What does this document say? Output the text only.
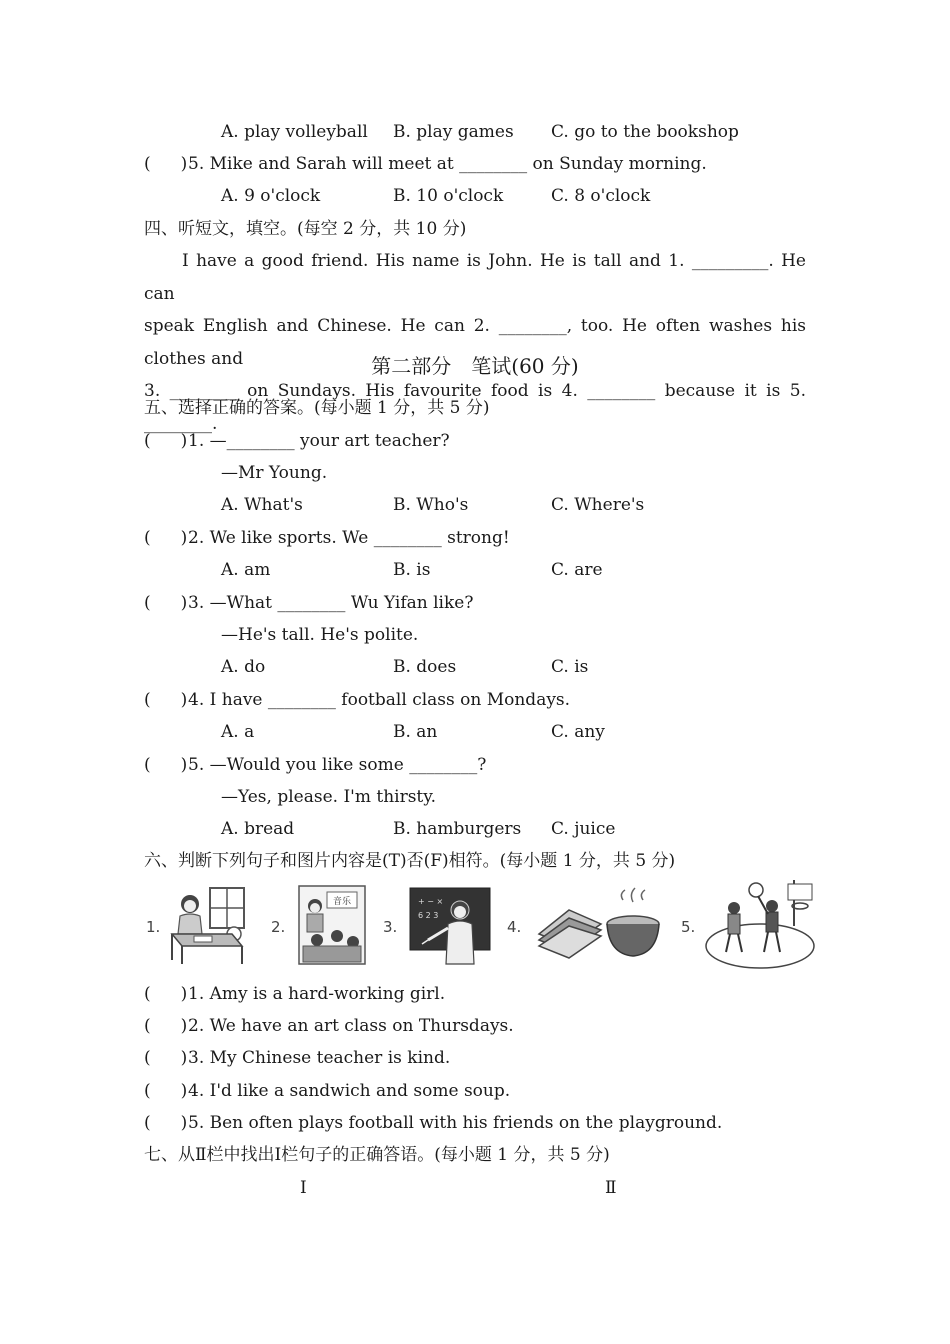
A. play volleyball B. play games C. go to the bookshop
( )5. Mike and Sarah will meet at ________ on Sunday morning.
A. 9 o'clock	B. 10 o'clock	C. 8 o'clock
四、听短文，填空。(每空 2 分，共 10 分)

I have a good friend. His name is John. He is tall and 1. _________. He can

speak English and Chinese. He can 2. ________, too. He often washes his clothes and

3. ________ on Sundays. His favourite food is 4. ________ because it is 5. ________.

第二部分　笔试(60 分)
五、选择正确的答案。(每小题 1 分，共 5 分)
( )1. —________ your art teacher?
—Mr Young.
A. What's	B. Who's	C. Where's
( )2. We like sports. We ________ strong!
A. am	B. is	C. are
( )3. —What ________ Wu Yifan like?
—He's tall. He's polite.
A. do	B. does	C. is
( )4. I have ________ football class on Mondays.
A. a	B. an	C. any
( )5. —Would you like some ________?
—Yes, please. I'm thirsty.
A. bread	B. hamburgers C. juice
六、判断下列句子和图片内容是(T)否(F)相符。(每小题 1 分，共 5 分)
1.	2.
音乐
3.
+ − ×
6 2 3
4.	5.
( )1. Amy is a hard‐working girl.
( )2. We have an art class on Thursdays.
( )3. My Chinese teacher is kind.
( )4. I'd like a sandwich and some soup.
( )5. Ben often plays football with his friends on the playground.
七、从Ⅱ栏中找出Ⅰ栏句子的正确答语。(每小题 1 分，共 5 分)
Ⅰ	Ⅱ
